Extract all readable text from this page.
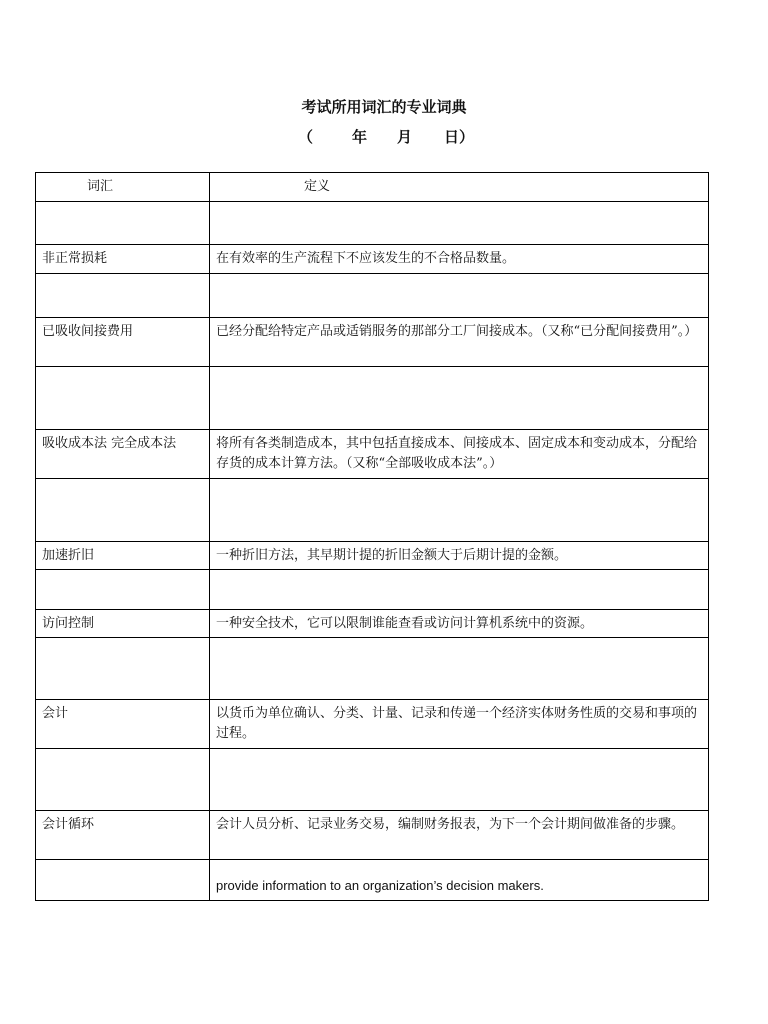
考试所用词汇的专业词典
（	年 月 日）
词汇	定义

非正常损耗	在有效率的生产流程下不应该发生的不合格品数量。

已吸收间接费用	已经分配给特定产品或适销服务的那部分工厂间接成本。（又称“已分配间接费用”。）

吸收成本法 完全成本法	将所有各类制造成本，其中包括直接成本、间接成本、固定成本和变动成本，分配给存货的成本计算方法。（又称“全部吸收成本法”。）

加速折旧	一种折旧方法，其早期计提的折旧金额大于后期计提的金额。

访问控制	一种安全技术，它可以限制谁能查看或访问计算机系统中的资源。

会计	以货币为单位确认、分类、计量、记录和传递一个经济实体财务性质的交易和事项的过程。

会计循环	会计人员分析、记录业务交易，编制财务报表，为下一个会计期间做准备的步骤。
	provide information to an organization’s decision makers.
